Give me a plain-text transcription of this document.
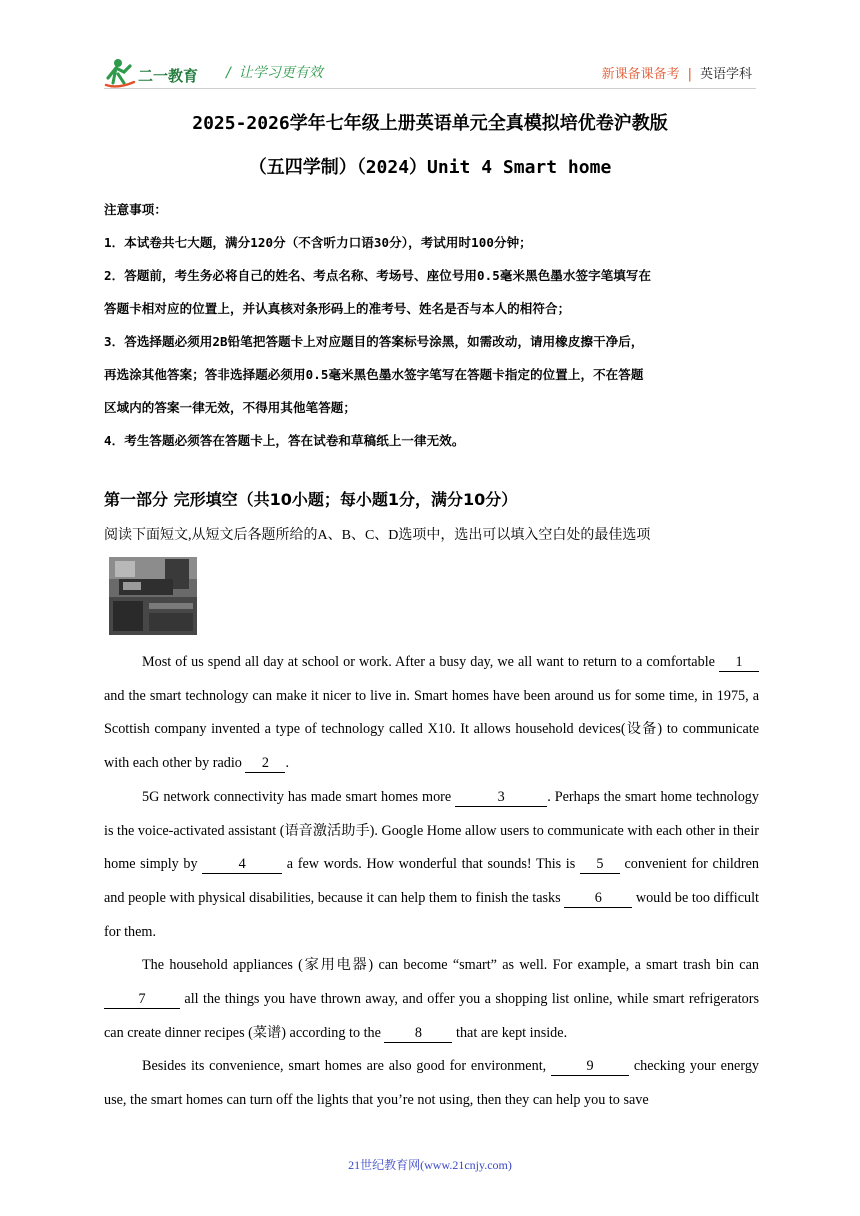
二一教育 / 让学习更有效	新课备课备考 | 英语学科
2025-2026学年七年级上册英语单元全真模拟培优卷沪教版
（五四学制）（2024）Unit 4 Smart home
注意事项：
1．本试卷共七大题，满分120分（不含听力口语30分），考试用时100分钟；
2．答题前，考生务必将自己的姓名、考点名称、考场号、座位号用0.5毫米黑色墨水签字笔填写在
答题卡相对应的位置上，并认真核对条形码上的准考号、姓名是否与本人的相符合；
3．答选择题必须用2B铅笔把答题卡上对应题目的答案标号涂黑，如需改动，请用橡皮擦干净后，
再选涂其他答案；答非选择题必须用0.5毫米黑色墨水签字笔写在答题卡指定的位置上，不在答题
区域内的答案一律无效，不得用其他笔答题；
4．考生答题必须答在答题卡上，答在试卷和草稿纸上一律无效。
第一部分 完形填空（共10小题；每小题1分，满分10分）
阅读下面短文,从短文后各题所给的A、B、C、D选项中，选出可以填入空白处的最佳选项

Most of us spend all day at school or work. After a busy day, we all want to return to a comfortable 1 and the smart technology can make it nicer to live in. Smart homes have been around us for some time, in 1975, a Scottish company invented a type of technology called X10. It allows household devices(设备) to communicate with each other by radio 2 .

5G network connectivity has made smart homes more	3	. Perhaps the smart home technology is the voice-activated assistant (语音激活助手). Google Home allow users to communicate with each other in their home simply by	4	a few words. How wonderful that sounds! This is 5 convenient for children and people with physical disabilities, because it can help them to finish the tasks 6 would be too difficult for them.

The household appliances (家用电器) can become “smart” as well. For example, a smart trash bin can 7 all the things you have thrown away, and offer you a shopping list online, while smart refrigerators can create dinner recipes (菜谱) according to the 8 that are kept inside.

Besides its convenience, smart homes are also good for environment, 9 checking your energy use, the smart homes can turn off the lights that you’re not using, then they can help you to save

21世纪教育网(www.21cnjy.com)
